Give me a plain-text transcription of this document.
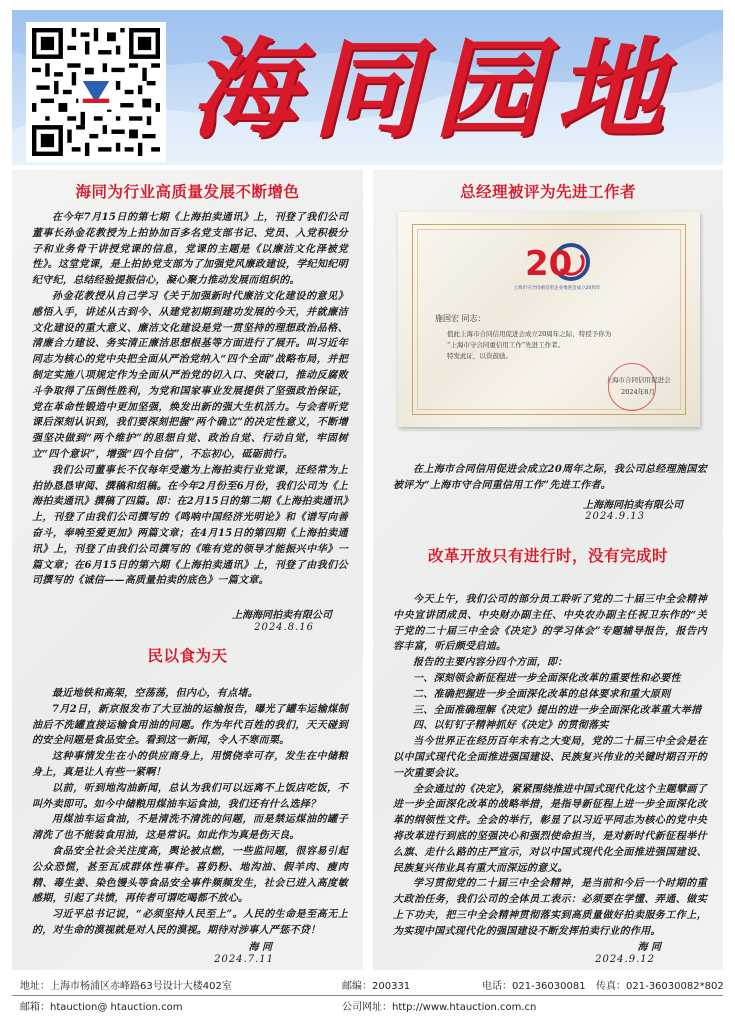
海同园地
海同为行业高质量发展不断增色

在今年7月15日的第七期《上海拍卖通讯》上，刊登了我们公司董事长孙金花教授为上拍协加百多名党支部书记、党员、入党积极分子和业务骨干讲授党课的信息，党课的主题是《以廉洁文化泽被党性》。这堂党课，是上拍协党支部为了加强党风廉政建设，学纪知纪明纪守纪，总结经验提振信心，凝心聚力推动发展而组织的。

孙金花教授从自己学习《关于加强新时代廉洁文化建设的意见》感悟入手，讲述从古到今、从建党初期到建功发展的今天，并就廉洁文化建设的重大意义、廉洁文化建设是党一贯坚持的理想政治品格、清廉合力建设、务实清正廉洁思想根基等方面进行了展开。叫习近年同志为核心的党中央把全面从严治党纳入“四个全面”战略布局，并把制定实施八项规定作为全面从严治党的切入口、突破口，推动反腐败斗争取得了压倒性胜利，为党和国家事业发展提供了坚强政治保证，党在革命性锻造中更加坚强，焕发出新的强大生机活力。与会者听党课后深刻认识到，我们要深刻把握“两个确立”的决定性意义，不断增强坚决做到“两个维护”的思想自觉、政治自觉、行动自觉，牢固树立“四个意识”，增强“四个自信”，不忘初心，砥砺前行。

我们公司董事长不仅每年受邀为上海拍卖行业党课，还经常为上拍协恳恳审阅、撰稿和组稿。在今年2月份至6月份，我们公司为《上海拍卖通讯》撰稿了四篇。即：在2月15日的第二期《上海拍卖通讯》上，刊登了由我们公司撰写的《鸣响中国经济光明论》和《谱写向善奋斗，奉响至爱更加》两篇文章；在4月15日的第四期《上海拍卖通讯》上，刊登了由我们公司撰写的《唯有党的领导才能振兴中华》一篇文章；在6月15日的第六期《上海拍卖通讯》上，刊登了由我们公司撰写的《诚信——高质量拍卖的底色》一篇文章。

上海海同拍卖有限公司
2024.8.16
民以食为天

最近地铁和高架，空荡荡，但内心，有点堵。

7月2日，新京报发布了大豆油的运输报告，曝光了罐车运输煤制油后不洗罐直接运输食用油的问题。作为年代百姓的我们，天天碰到的安全问题是食品安全。看到这一新闻，令人不寒而栗。

这种事情发生在小的供应商身上，用惯侥幸可存，发生在中储粮身上，真是让人有些一紧啊！

以前，听到地沟油新闻，总认为我们可以远离不上饭店吃饭，不叫外卖即可。如今中储粮用煤油车运食油，我们还有什么选择？

用煤油车运食油，不是清洗不清洗的问题，而是禁运煤油的罐子清洗了也不能装食用油，这是常识。如此作为真是伤天良。

食品安全社会关注度高，舆论被点燃，一些监问题，很容易引起公众恐慌，甚至瓦成群体性事件。喜奶粉、地沟油、假羊肉、瘦肉精、毒生姜、染色馒头等食品安全事件频频发生，社会已进入高度敏感期，引起了共愤，再传者可谓吃喝都不放心。

习近平总书记说，“必须坚持人民至上”。人民的生命是至高无上的，对生命的漠视就是对人民的漠视。期待对涉事人严惩不贷！

海 同
2024.7.11
总经理被评为先进工作者
20
上海市守合同重信用企业推进会成立20周年
施国宏 同志：

值此上海市合同信用促进会成立20周年之际，特授予你为

“上海市守合同重信用工作”先进工作者。

特发此证，以资鼓励。

上海市合同信用促进会
2024年8月

在上海市合同信用促进会成立20周年之际，我公司总经理施国宏被评为“上海市守合同重信用工作”先进工作者。

上海海同拍卖有限公司
2024.9.13
改革开放只有进行时，没有完成时

今天上午，我们公司的部分员工聆听了党的二十届三中全会精神中央宣讲团成员、中央财办副主任、中央农办副主任祝卫东作的“关于党的二十届三中全会《决定》的学习体会”专题辅导报告，报告内容丰富，听后颇受启迪。

报告的主要内容分四个方面，即：

一、深刻领会新征程进一步全面深化改革的重要性和必要性

二、准确把握进一步全面深化改革的总体要求和重大原则

三、全面准确理解《决定》提出的进一步全面深化改革重大举措

四、以钉钉子精神抓好《决定》的贯彻落实

当今世界正在经历百年未有之大变局，党的二十届三中全会是在以中国式现代化全面推进强国建设、民族复兴伟业的关键时期召开的一次重要会议。

全会通过的《决定》，紧紧围绕推进中国式现代化这个主题擘画了进一步全面深化改革的战略举措，是指导新征程上进一步全面深化改革的纲领性文件。全会的举行，彰显了以习近平同志为核心的党中央将改革进行到底的坚强决心和强烈使命担当，是对新时代新征程举什么旗、走什么路的庄严宣示，对以中国式现代化全面推进强国建设、民族复兴伟业具有重大而深远的意义。

学习贯彻党的二十届三中全会精神，是当前和今后一个时期的重大政治任务，我们公司的全体员工表示：必须要在学懂、弄通、做实上下功夫，把三中全会精神贯彻落实到高质量做好拍卖服务工作上，为实现中国式现代化的强国建设不断发挥拍卖行业的作用。

海 同
2024.9.12
地址：上海市杨浦区赤峰路63号设计大楼402室	邮编：200331	电话：021-36030081 传真：021-36030082*802
邮箱：htauction@ htauction.com	公司网址：http://www.htauction.com.cn
